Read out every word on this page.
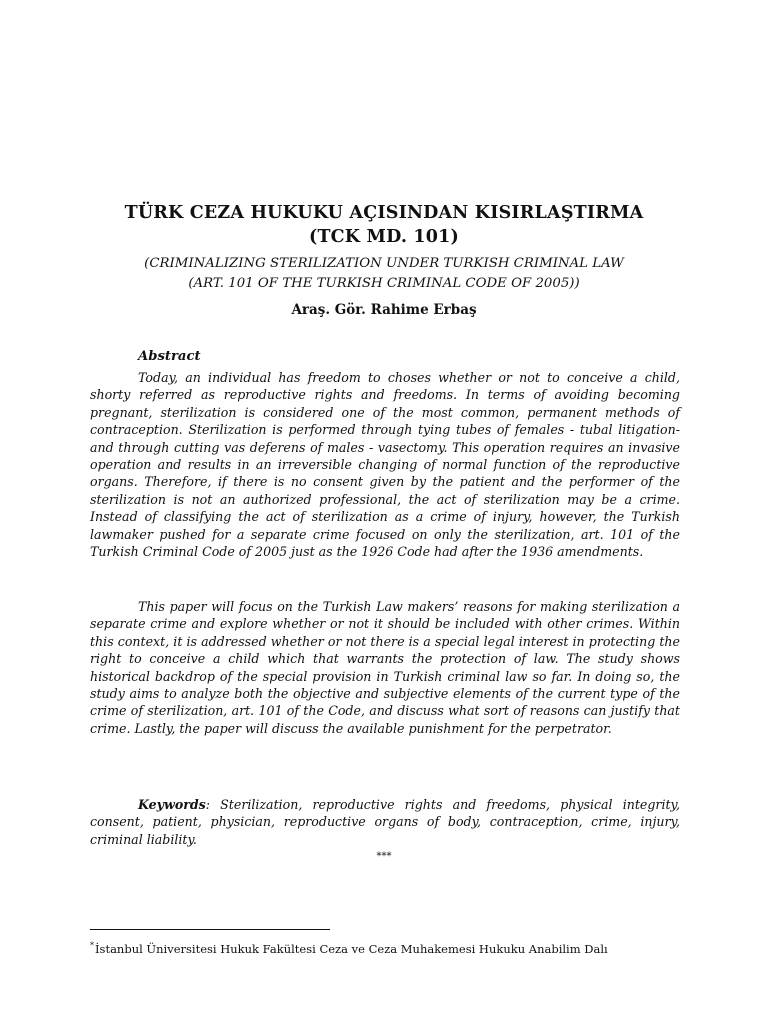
TÜRK CEZA HUKUKU AÇISINDAN KISIRLAŞTIRMA
(TCK MD. 101)
(CRIMINALIZING STERILIZATION UNDER TURKISH CRIMINAL LAW
(ART. 101 OF THE TURKISH CRIMINAL CODE OF 2005))
Araş. Gör. Rahime Erbaş
Abstract

Today, an individual has freedom to choses whether or not to conceive a child, shorty referred as reproductive rights and freedoms. In terms of avoiding becoming pregnant, sterilization is considered one of the most common, permanent methods of contraception. Sterilization is performed through tying tubes of females - tubal litigation- and through cutting vas deferens of males - vasectomy. This operation requires an invasive operation and results in an irreversible changing of normal function of the reproductive organs. Therefore, if there is no consent given by the patient and the performer of the sterilization is not an authorized professional, the act of sterilization may be a crime. Instead of classifying the act of sterilization as a crime of injury, however, the Turkish lawmaker pushed for a separate crime focused on only the sterilization, art. 101 of the Turkish Criminal Code of 2005 just as the 1926 Code had after the 1936 amendments.

This paper will focus on the Turkish Law makers’ reasons for making sterilization a separate crime and explore whether or not it should be included with other crimes. Within this context, it is addressed whether or not there is a special legal interest in protecting the right to conceive a child which that warrants the protection of law. The study shows historical backdrop of the special provision in Turkish criminal law so far. In doing so, the study aims to analyze both the objective and subjective elements of the current type of the crime of sterilization, art. 101 of the Code, and discuss what sort of reasons can justify that crime. Lastly, the paper will discuss the available punishment for the perpetrator.

Keywords: Sterilization, reproductive rights and freedoms, physical integrity, consent, patient, physician, reproductive organs of body, contraception, crime, injury, criminal liability.

***
*İstanbul Üniversitesi Hukuk Fakültesi Ceza ve Ceza Muhakemesi Hukuku Anabilim Dalı
